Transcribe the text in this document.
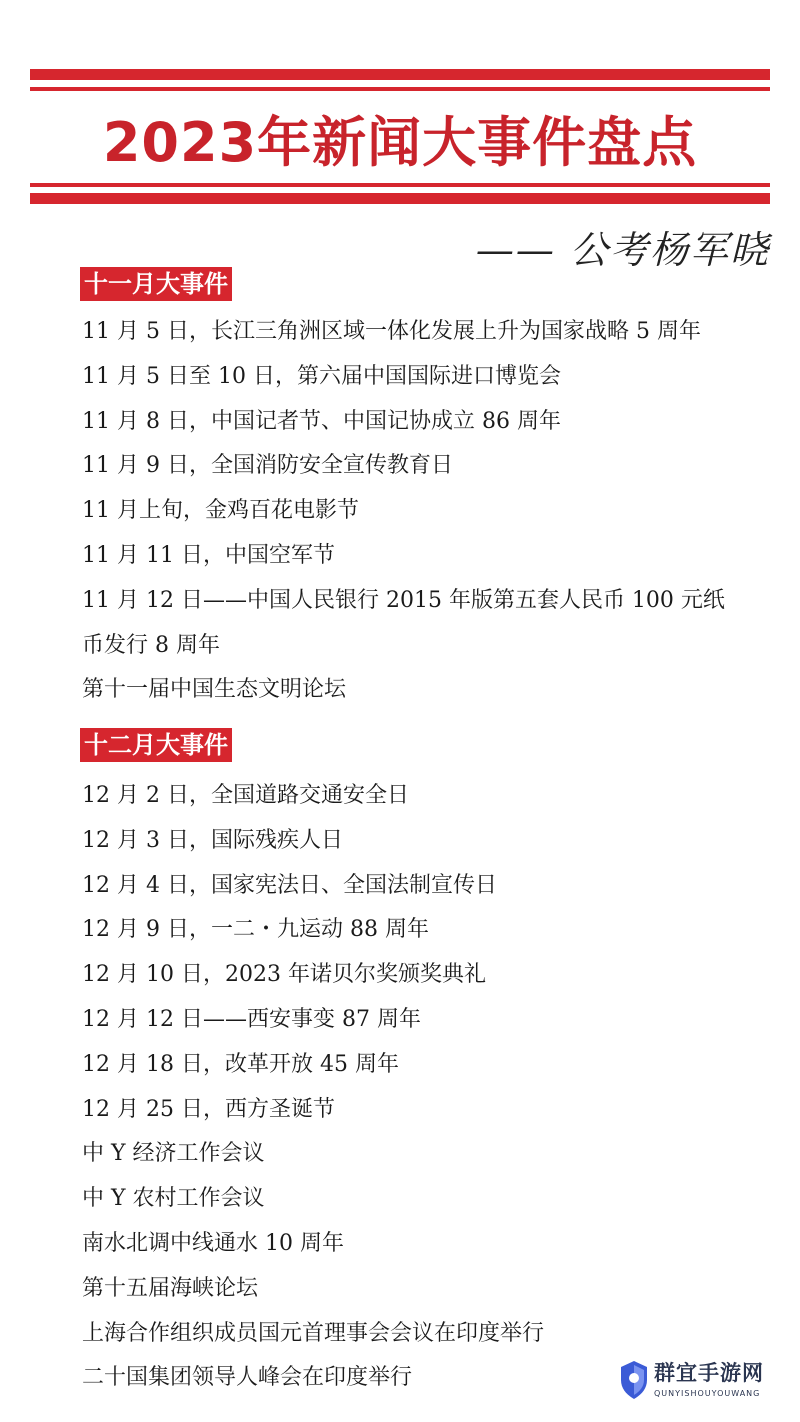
2023年新闻大事件盘点
—— 公考杨军晓
十一月大事件
11 月 5 日，长江三角洲区域一体化发展上升为国家战略 5 周年
11 月 5 日至 10 日，第六届中国国际进口博览会
11 月 8 日，中国记者节、中国记协成立 86 周年
11 月 9 日，全国消防安全宣传教育日
11 月上旬，金鸡百花电影节
11 月 11 日，中国空军节
11 月 12 日——中国人民银行 2015 年版第五套人民币 100 元纸
币发行 8 周年
第十一届中国生态文明论坛
十二月大事件
12 月 2 日，全国道路交通安全日
12 月 3 日，国际残疾人日
12 月 4 日，国家宪法日、全国法制宣传日
12 月 9 日，一二・九运动 88 周年
12 月 10 日，2023 年诺贝尔奖颁奖典礼
12 月 12 日——西安事变 87 周年
12 月 18 日，改革开放 45 周年
12 月 25 日，西方圣诞节
中 Y 经济工作会议
中 Y 农村工作会议
南水北调中线通水 10 周年
第十五届海峡论坛
上海合作组织成员国元首理事会会议在印度举行
二十国集团领导人峰会在印度举行	群宜手游网
QUNYISHOUYOUWANG
